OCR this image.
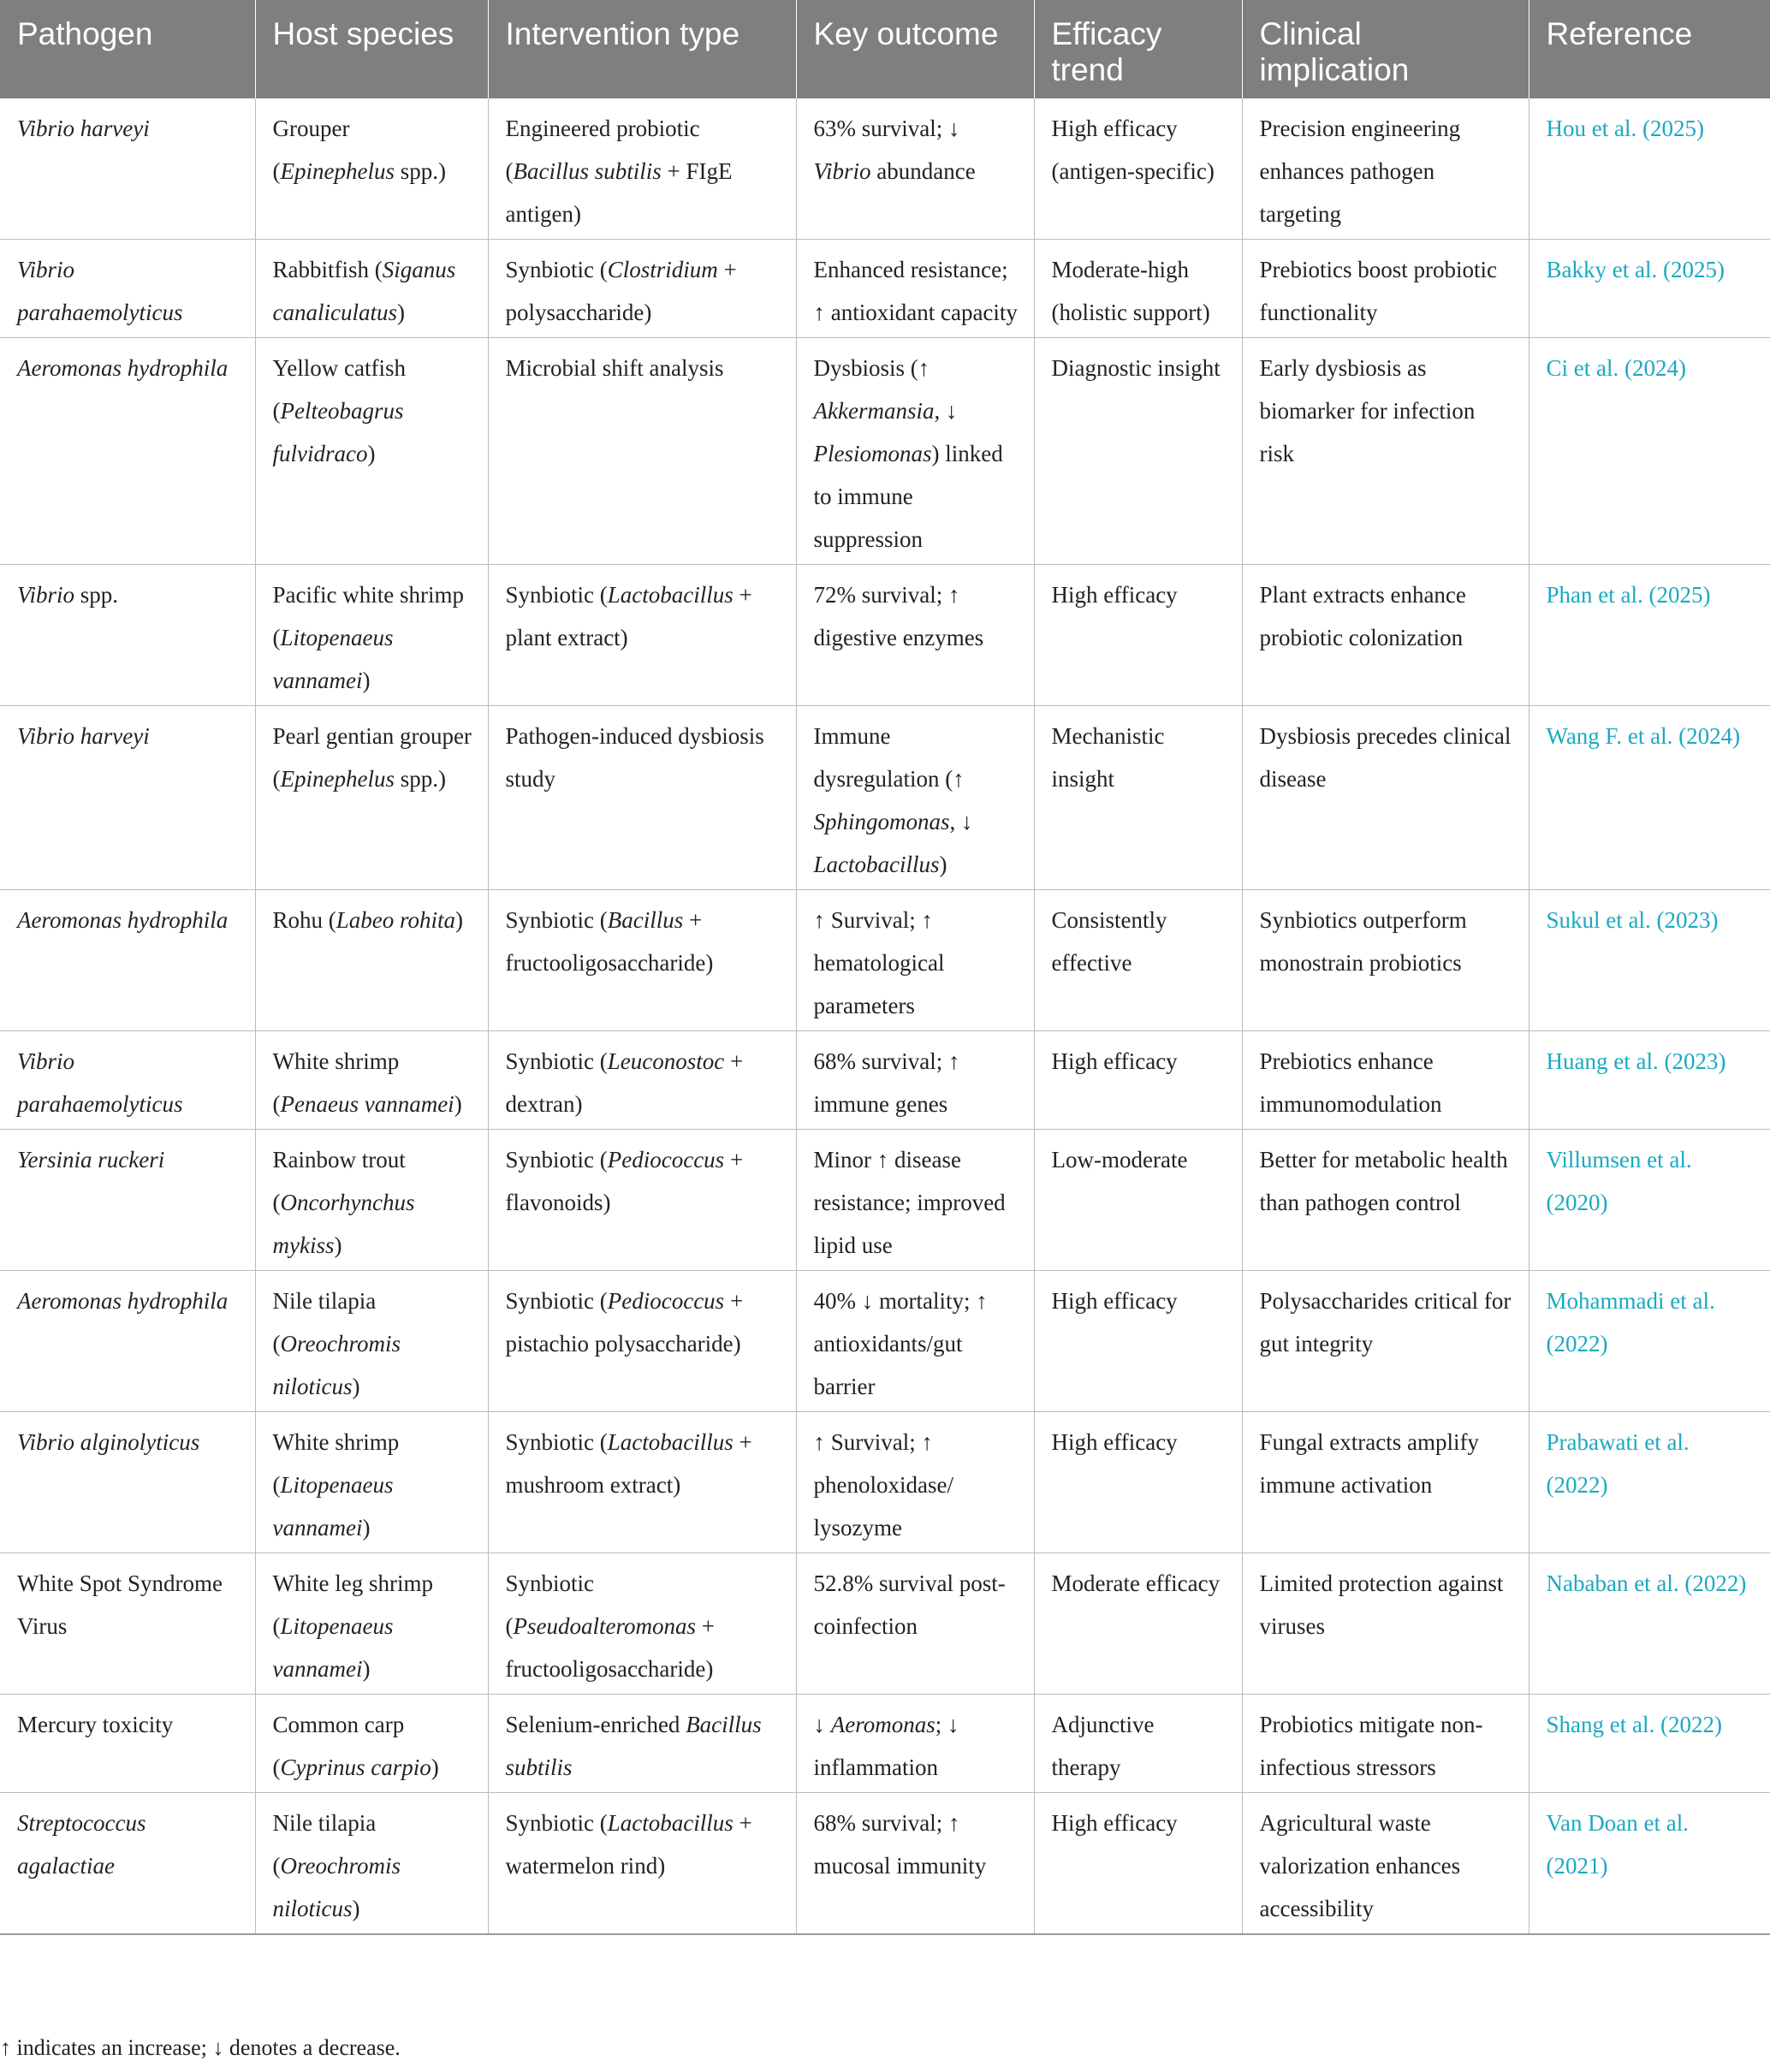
Pathogen	Host species	Intervention type	Key outcome	Efficacy trend	Clinical implication	Reference
Vibrio harveyi	Grouper (Epinephelus spp.)	Engineered probiotic (Bacillus subtilis + FIgE antigen)	63% survival; ↓ Vibrio abundance	High efficacy (antigen-specific)	Precision engineering enhances pathogen targeting	Hou et al. (2025)
Vibrio parahaemolyticus	Rabbitfish (Siganus canaliculatus)	Synbiotic (Clostridium + polysaccharide)	Enhanced resistance; ↑ antioxidant capacity	Moderate-high (holistic support)	Prebiotics boost probiotic functionality	Bakky et al. (2025)
Aeromonas hydrophila	Yellow catfish (Pelteobagrus fulvidraco)	Microbial shift analysis	Dysbiosis (↑ Akkermansia, ↓ Plesiomonas) linked to immune suppression	Diagnostic insight	Early dysbiosis as biomarker for infection risk	Ci et al. (2024)
Vibrio spp.	Pacific white shrimp (Litopenaeus vannamei)	Synbiotic (Lactobacillus + plant extract)	72% survival; ↑ digestive enzymes	High efficacy	Plant extracts enhance probiotic colonization	Phan et al. (2025)
Vibrio harveyi	Pearl gentian grouper (Epinephelus spp.)	Pathogen-induced dysbiosis study	Immune dysregulation (↑ Sphingomonas, ↓ Lactobacillus)	Mechanistic insight	Dysbiosis precedes clinical disease	Wang F. et al. (2024)
Aeromonas hydrophila	Rohu (Labeo rohita)	Synbiotic (Bacillus + fructooligosaccharide)	↑ Survival; ↑ hematological parameters	Consistently effective	Synbiotics outperform monostrain probiotics	Sukul et al. (2023)
Vibrio parahaemolyticus	White shrimp (Penaeus vannamei)	Synbiotic (Leuconostoc + dextran)	68% survival; ↑ immune genes	High efficacy	Prebiotics enhance immunomodulation	Huang et al. (2023)
Yersinia ruckeri	Rainbow trout (Oncorhynchus mykiss)	Synbiotic (Pediococcus + flavonoids)	Minor ↑ disease resistance; improved lipid use	Low-moderate	Better for metabolic health than pathogen control	Villumsen et al. (2020)
Aeromonas hydrophila	Nile tilapia (Oreochromis niloticus)	Synbiotic (Pediococcus + pistachio polysaccharide)	40% ↓ mortality; ↑ antioxidants/gut barrier	High efficacy	Polysaccharides critical for gut integrity	Mohammadi et al. (2022)
Vibrio alginolyticus	White shrimp (Litopenaeus vannamei)	Synbiotic (Lactobacillus + mushroom extract)	↑ Survival; ↑ phenoloxidase/ lysozyme	High efficacy	Fungal extracts amplify immune activation	Prabawati et al. (2022)
White Spot Syndrome Virus	White leg shrimp (Litopenaeus vannamei)	Synbiotic (Pseudoalteromonas + fructooligosaccharide)	52.8% survival post-coinfection	Moderate efficacy	Limited protection against viruses	Nababan et al. (2022)
Mercury toxicity	Common carp (Cyprinus carpio)	Selenium-enriched Bacillus subtilis	↓ Aeromonas; ↓ inflammation	Adjunctive therapy	Probiotics mitigate non-infectious stressors	Shang et al. (2022)
Streptococcus agalactiae	Nile tilapia (Oreochromis niloticus)	Synbiotic (Lactobacillus + watermelon rind)	68% survival; ↑ mucosal immunity	High efficacy	Agricultural waste valorization enhances accessibility	Van Doan et al. (2021)
↑ indicates an increase; ↓ denotes a decrease.
